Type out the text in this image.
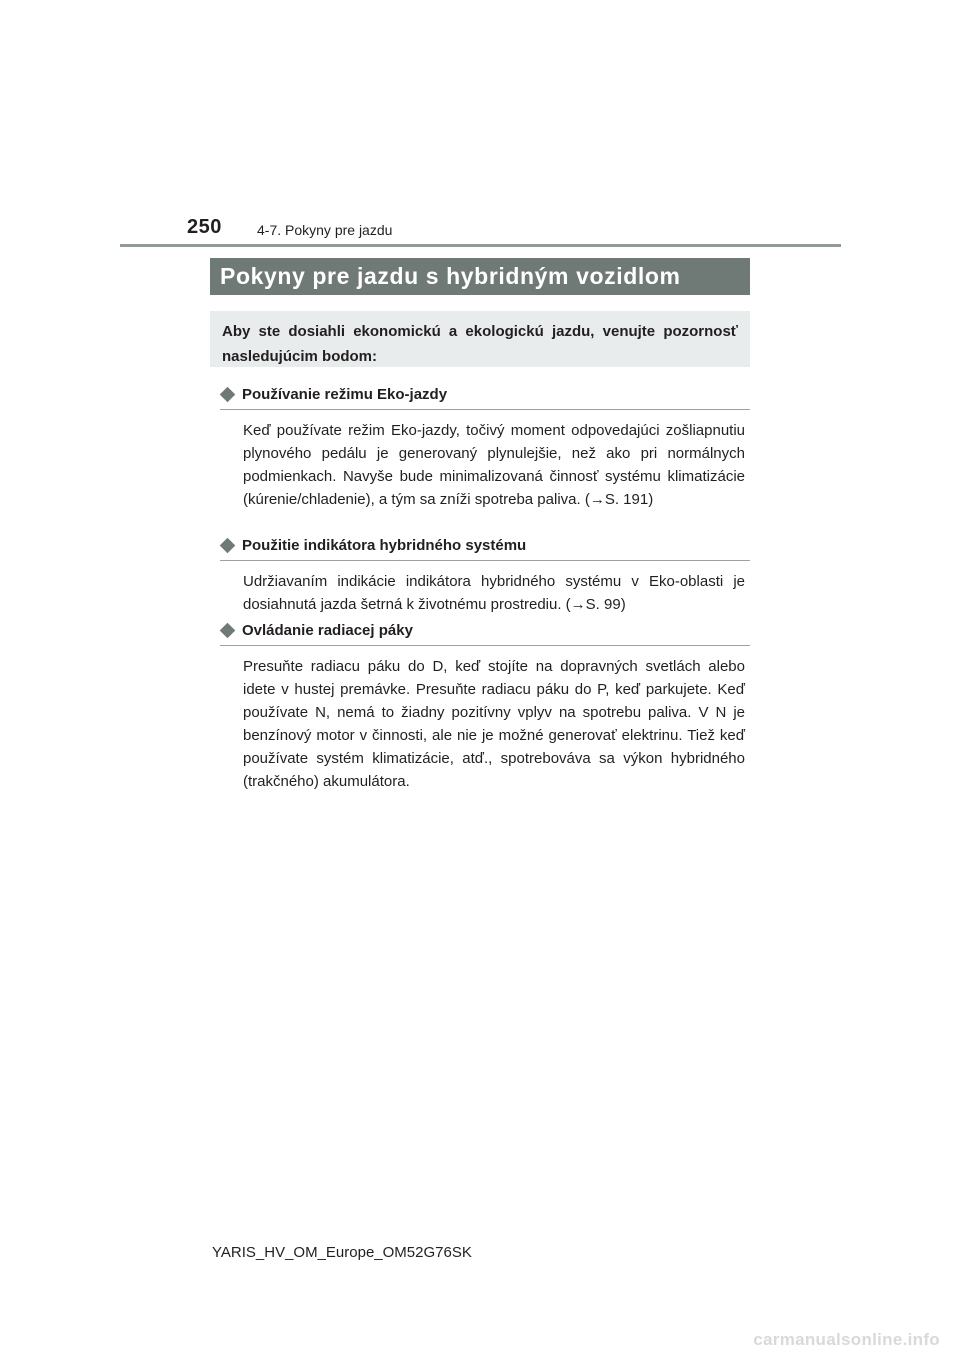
250	4-7. Pokyny pre jazdu
Pokyny pre jazdu s hybridným vozidlom
Aby ste dosiahli ekonomickú a ekologickú jazdu, venujte pozornosť nasledujúcim bodom:
Používanie režimu Eko-jazdy
Keď používate režim Eko-jazdy, točivý moment odpovedajúci zošliapnutiu plynového pedálu je generovaný plynulejšie, než ako pri normálnych podmienkach. Navyše bude minimalizovaná činnosť systému klimatizácie (kúrenie/chladenie), a tým sa zníži spotreba paliva. (→S. 191)
Použitie indikátora hybridného systému
Udržiavaním indikácie indikátora hybridného systému v Eko-oblasti je dosiahnutá jazda šetrná k životnému prostrediu. (→S. 99)
Ovládanie radiacej páky
Presuňte radiacu páku do D, keď stojíte na dopravných svetlách alebo idete v hustej premávke. Presuňte radiacu páku do P, keď parkujete. Keď používate N, nemá to žiadny pozitívny vplyv na spotrebu paliva. V N je benzínový motor v činnosti, ale nie je možné generovať elektrinu. Tiež keď používate systém klimatizácie, atď., spotrebováva sa výkon hybridného (trakčného) akumulátora.
YARIS_HV_OM_Europe_OM52G76SK
carmanualsonline.info
